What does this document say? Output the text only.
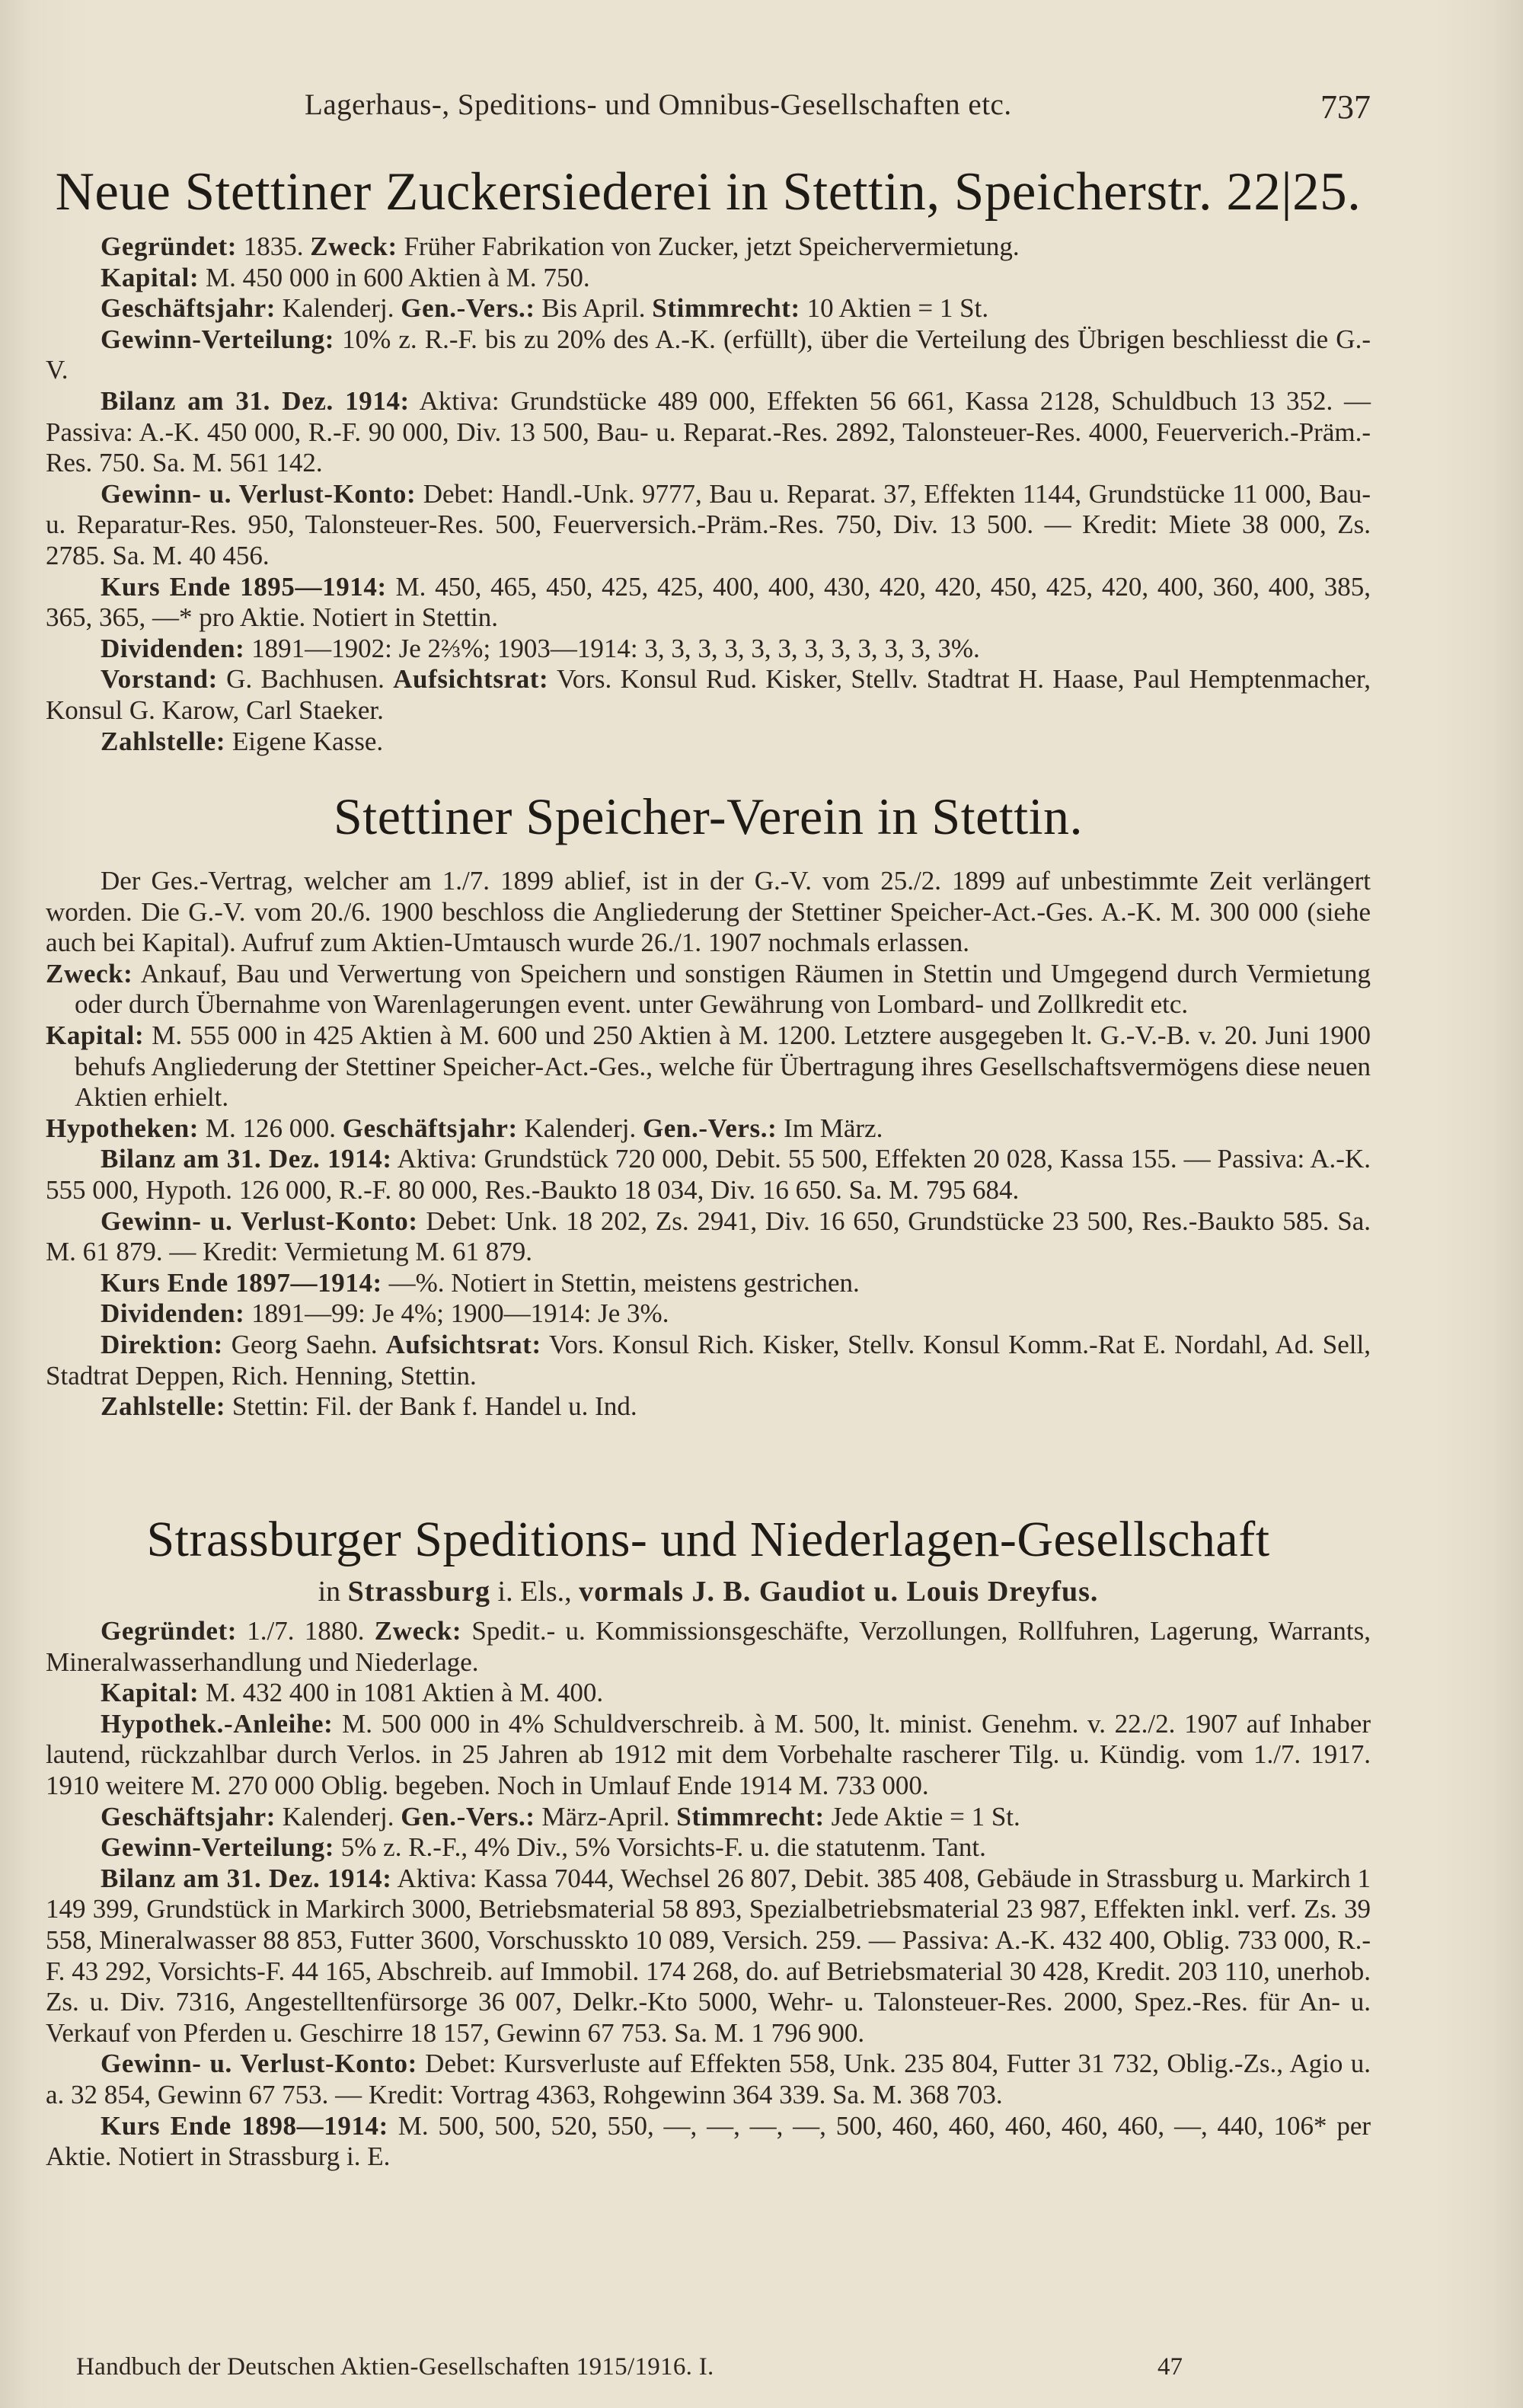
Lagerhaus-, Speditions- und Omnibus-Gesellschaften etc.	737
Neue Stettiner Zuckersiederei in Stettin, Speicherstr. 22|25.

Gegründet: 1835. Zweck: Früher Fabrikation von Zucker, jetzt Speichervermietung.

Kapital: M. 450 000 in 600 Aktien à M. 750.

Geschäftsjahr: Kalenderj. Gen.-Vers.: Bis April. Stimmrecht: 10 Aktien = 1 St.

Gewinn-Verteilung: 10% z. R.-F. bis zu 20% des A.-K. (erfüllt), über die Verteilung des Übrigen beschliesst die G.-V.

Bilanz am 31. Dez. 1914: Aktiva: Grundstücke 489 000, Effekten 56 661, Kassa 2128, Schuldbuch 13 352. — Passiva: A.-K. 450 000, R.-F. 90 000, Div. 13 500, Bau- u. Reparat.-Res. 2892, Talonsteuer-Res. 4000, Feuerverich.-Präm.-Res. 750. Sa. M. 561 142.

Gewinn- u. Verlust-Konto: Debet: Handl.-Unk. 9777, Bau u. Reparat. 37, Effekten 1144, Grundstücke 11 000, Bau- u. Reparatur-Res. 950, Talonsteuer-Res. 500, Feuerversich.-Präm.-Res. 750, Div. 13 500. — Kredit: Miete 38 000, Zs. 2785. Sa. M. 40 456.

Kurs Ende 1895—1914: M. 450, 465, 450, 425, 425, 400, 400, 430, 420, 420, 450, 425, 420, 400, 360, 400, 385, 365, 365, —* pro Aktie. Notiert in Stettin.

Dividenden: 1891—1902: Je 2⅔%; 1903—1914: 3, 3, 3, 3, 3, 3, 3, 3, 3, 3, 3, 3%.

Vorstand: G. Bachhusen. Aufsichtsrat: Vors. Konsul Rud. Kisker, Stellv. Stadtrat H. Haase, Paul Hemptenmacher, Konsul G. Karow, Carl Staeker.

Zahlstelle: Eigene Kasse.

Stettiner Speicher-Verein in Stettin.

Der Ges.-Vertrag, welcher am 1./7. 1899 ablief, ist in der G.-V. vom 25./2. 1899 auf unbestimmte Zeit verlängert worden. Die G.-V. vom 20./6. 1900 beschloss die Angliederung der Stettiner Speicher-Act.-Ges. A.-K. M. 300 000 (siehe auch bei Kapital). Aufruf zum Aktien-Umtausch wurde 26./1. 1907 nochmals erlassen.

Zweck: Ankauf, Bau und Verwertung von Speichern und sonstigen Räumen in Stettin und Umgegend durch Vermietung oder durch Übernahme von Warenlagerungen event. unter Gewährung von Lombard- und Zollkredit etc.

Kapital: M. 555 000 in 425 Aktien à M. 600 und 250 Aktien à M. 1200. Letztere ausgegeben lt. G.-V.-B. v. 20. Juni 1900 behufs Angliederung der Stettiner Speicher-Act.-Ges., welche für Übertragung ihres Gesellschaftsvermögens diese neuen Aktien erhielt.

Hypotheken: M. 126 000. Geschäftsjahr: Kalenderj. Gen.-Vers.: Im März.

Bilanz am 31. Dez. 1914: Aktiva: Grundstück 720 000, Debit. 55 500, Effekten 20 028, Kassa 155. — Passiva: A.-K. 555 000, Hypoth. 126 000, R.-F. 80 000, Res.-Baukto 18 034, Div. 16 650. Sa. M. 795 684.

Gewinn- u. Verlust-Konto: Debet: Unk. 18 202, Zs. 2941, Div. 16 650, Grundstücke 23 500, Res.-Baukto 585. Sa. M. 61 879. — Kredit: Vermietung M. 61 879.

Kurs Ende 1897—1914: —%. Notiert in Stettin, meistens gestrichen.

Dividenden: 1891—99: Je 4%; 1900—1914: Je 3%.

Direktion: Georg Saehn. Aufsichtsrat: Vors. Konsul Rich. Kisker, Stellv. Konsul Komm.-Rat E. Nordahl, Ad. Sell, Stadtrat Deppen, Rich. Henning, Stettin.

Zahlstelle: Stettin: Fil. der Bank f. Handel u. Ind.

Strassburger Speditions- und Niederlagen-Gesellschaft
in Strassburg i. Els., vormals J. B. Gaudiot u. Louis Dreyfus.

Gegründet: 1./7. 1880. Zweck: Spedit.- u. Kommissionsgeschäfte, Verzollungen, Rollfuhren, Lagerung, Warrants, Mineralwasserhandlung und Niederlage.

Kapital: M. 432 400 in 1081 Aktien à M. 400.

Hypothek.-Anleihe: M. 500 000 in 4% Schuldverschreib. à M. 500, lt. minist. Genehm. v. 22./2. 1907 auf Inhaber lautend, rückzahlbar durch Verlos. in 25 Jahren ab 1912 mit dem Vorbehalte rascherer Tilg. u. Kündig. vom 1./7. 1917. 1910 weitere M. 270 000 Oblig. begeben. Noch in Umlauf Ende 1914 M. 733 000.

Geschäftsjahr: Kalenderj. Gen.-Vers.: März-April. Stimmrecht: Jede Aktie = 1 St.

Gewinn-Verteilung: 5% z. R.-F., 4% Div., 5% Vorsichts-F. u. die statutenm. Tant.

Bilanz am 31. Dez. 1914: Aktiva: Kassa 7044, Wechsel 26 807, Debit. 385 408, Gebäude in Strassburg u. Markirch 1 149 399, Grundstück in Markirch 3000, Betriebsmaterial 58 893, Spezialbetriebsmaterial 23 987, Effekten inkl. verf. Zs. 39 558, Mineralwasser 88 853, Futter 3600, Vorschusskto 10 089, Versich. 259. — Passiva: A.-K. 432 400, Oblig. 733 000, R.-F. 43 292, Vorsichts-F. 44 165, Abschreib. auf Immobil. 174 268, do. auf Betriebsmaterial 30 428, Kredit. 203 110, unerhob. Zs. u. Div. 7316, Angestelltenfürsorge 36 007, Delkr.-Kto 5000, Wehr- u. Talonsteuer-Res. 2000, Spez.-Res. für An- u. Verkauf von Pferden u. Geschirre 18 157, Gewinn 67 753. Sa. M. 1 796 900.

Gewinn- u. Verlust-Konto: Debet: Kursverluste auf Effekten 558, Unk. 235 804, Futter 31 732, Oblig.-Zs., Agio u. a. 32 854, Gewinn 67 753. — Kredit: Vortrag 4363, Rohgewinn 364 339. Sa. M. 368 703.

Kurs Ende 1898—1914: M. 500, 500, 520, 550, —, —, —, —, 500, 460, 460, 460, 460, 460, —, 440, 106* per Aktie. Notiert in Strassburg i. E.

Handbuch der Deutschen Aktien-Gesellschaften 1915/1916. I.	47
